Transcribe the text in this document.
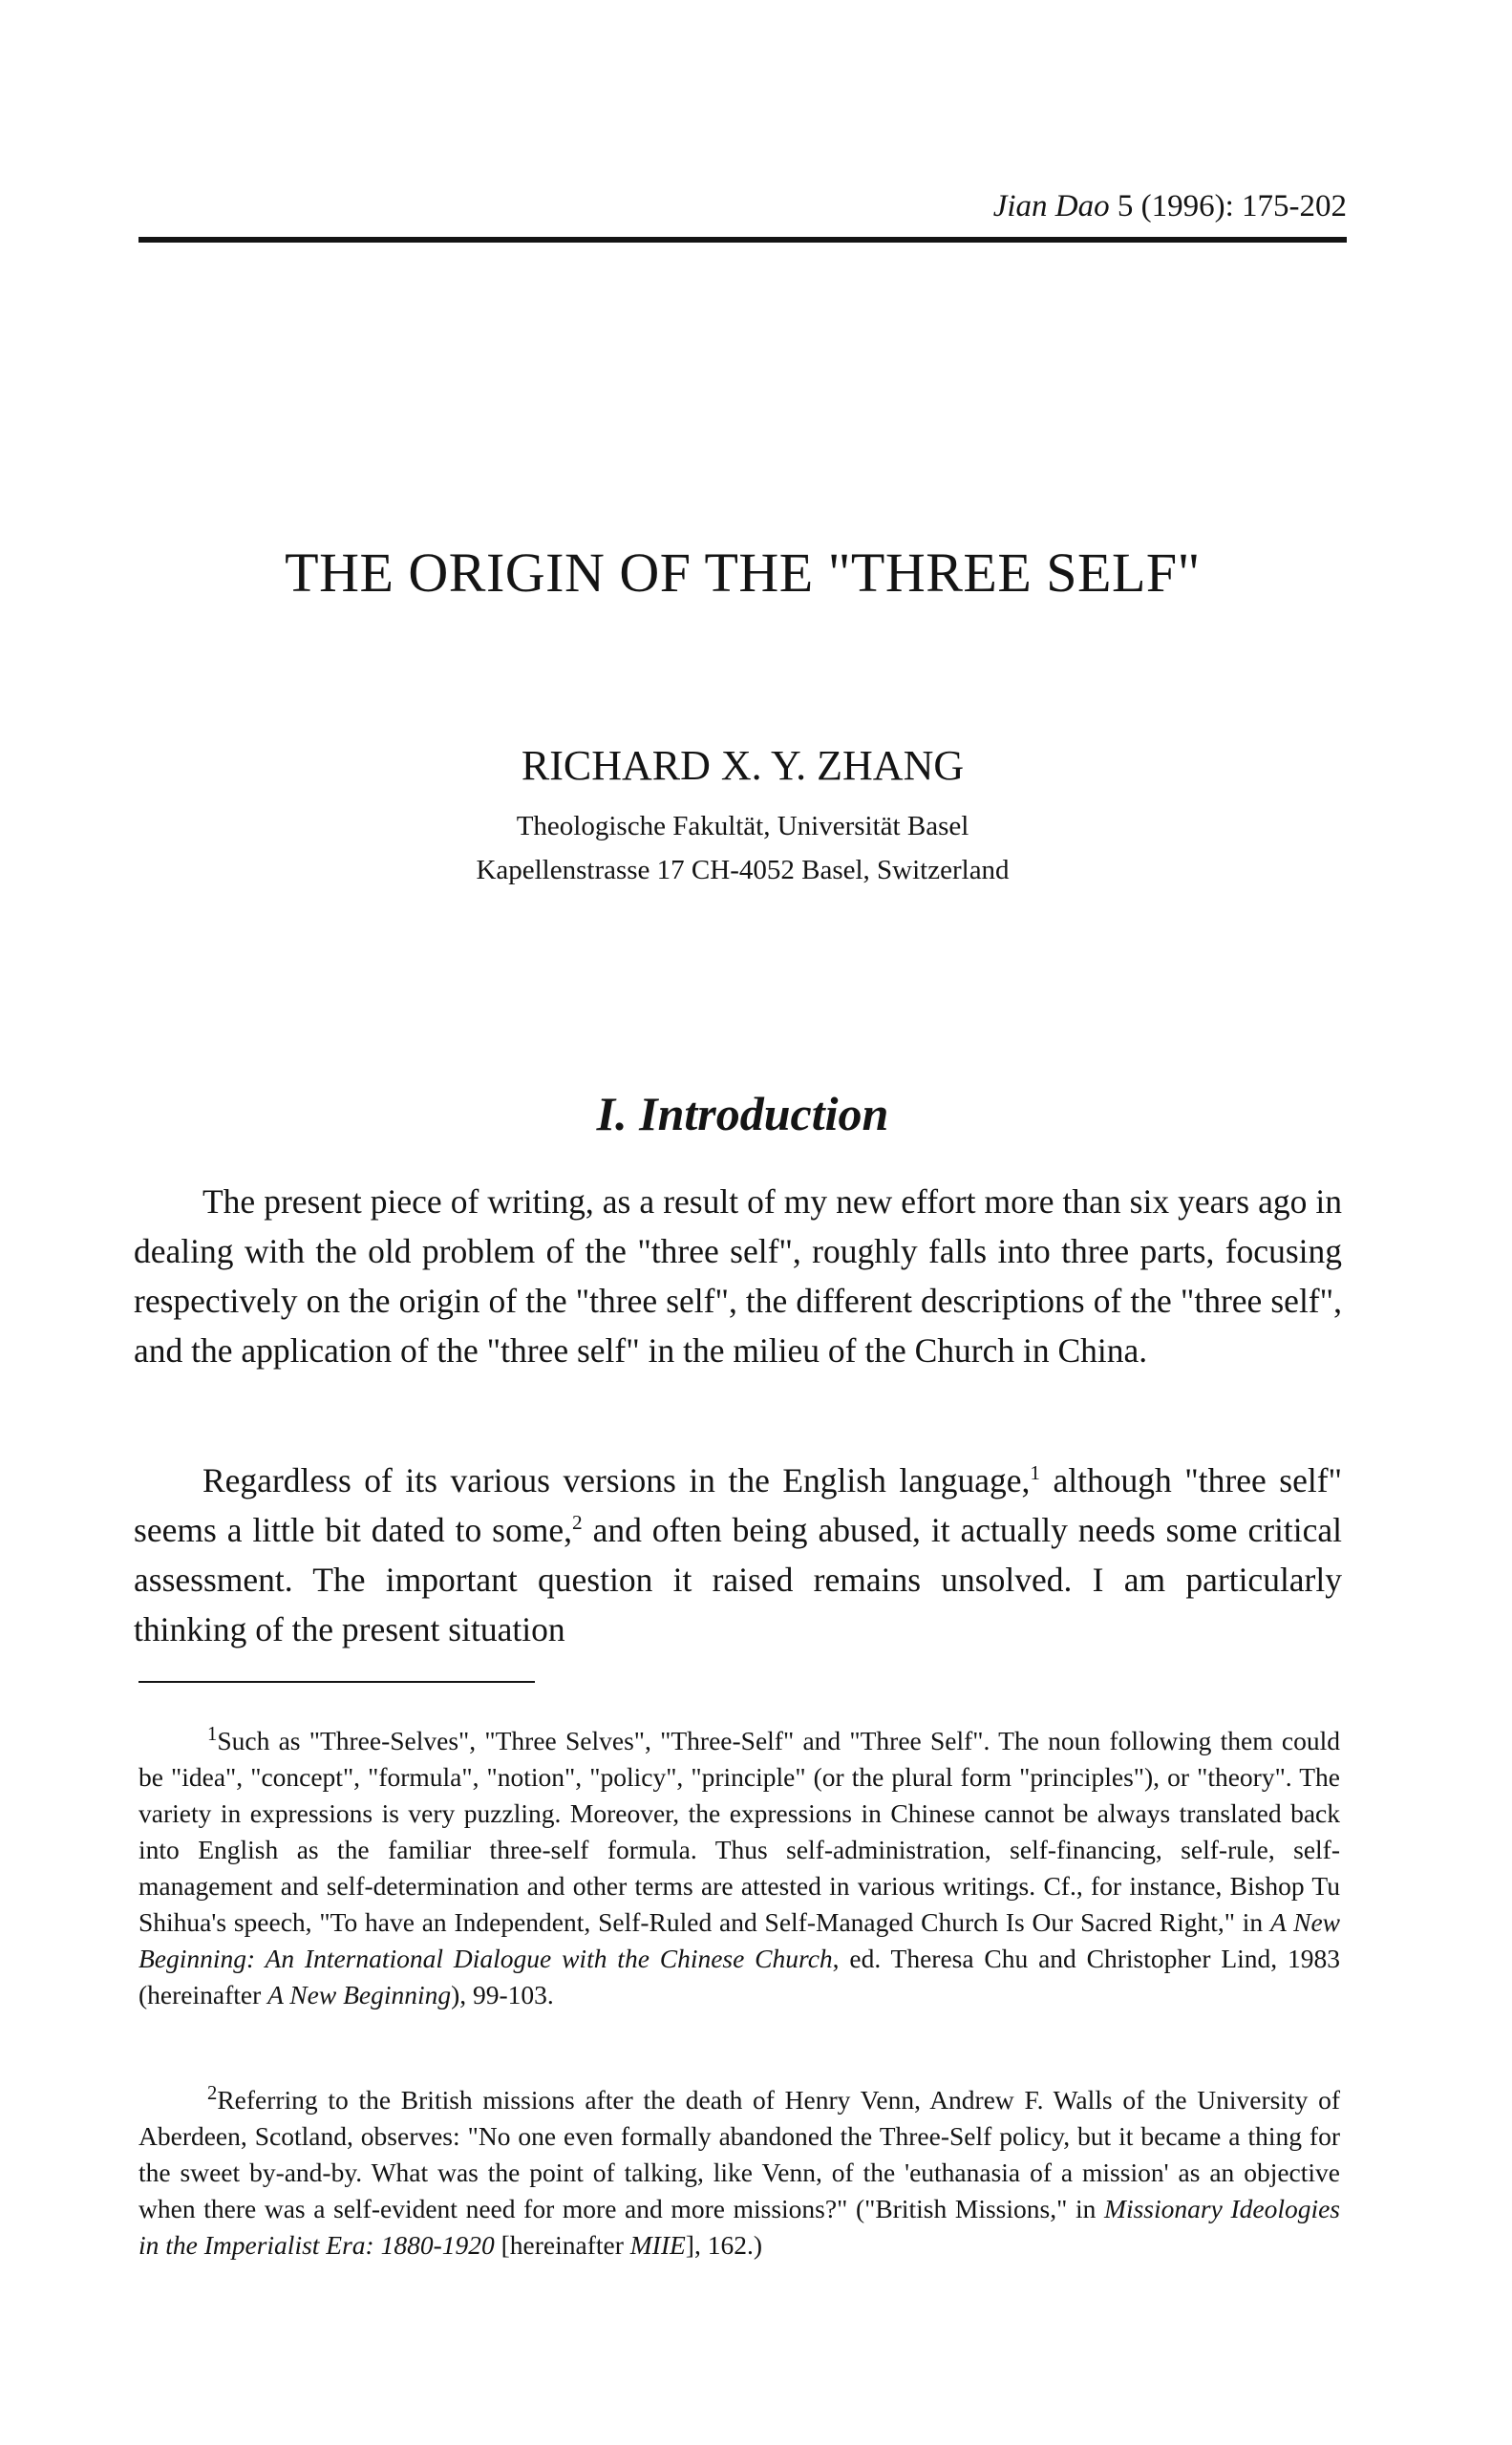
Jian Dao 5 (1996): 175-202
THE ORIGIN OF THE "THREE SELF"
RICHARD X. Y. ZHANG
Theologische Fakultät, Universität Basel
Kapellenstrasse 17 CH-4052 Basel, Switzerland
I. Introduction

The present piece of writing, as a result of my new effort more than six years ago in dealing with the old problem of the "three self", roughly falls into three parts, focusing respectively on the origin of the "three self", the different descriptions of the "three self", and the application of the "three self" in the milieu of the Church in China.

Regardless of its various versions in the English language,$^1$ although "three self" seems a little bit dated to some,$^2$ and often being abused, it actually needs some critical assessment. The important question it raised remains unsolved. I am particularly thinking of the present situation

$^1$Such as "Three-Selves", "Three Selves", "Three-Self" and "Three Self". The noun following them could be "idea", "concept", "formula", "notion", "policy", "principle" (or the plural form "principles"), or "theory". The variety in expressions is very puzzling. Moreover, the expressions in Chinese cannot be always translated back into English as the familiar three-self formula. Thus self-administration, self-financing, self-rule, self-management and self-determination and other terms are attested in various writings. Cf., for instance, Bishop Tu Shihua's speech, "To have an Independent, Self-Ruled and Self-Managed Church Is Our Sacred Right," in A New Beginning: An International Dialogue with the Chinese Church, ed. Theresa Chu and Christopher Lind, 1983 (hereinafter A New Beginning), 99-103.

$^2$Referring to the British missions after the death of Henry Venn, Andrew F. Walls of the University of Aberdeen, Scotland, observes: "No one even formally abandoned the Three-Self policy, but it became a thing for the sweet by-and-by. What was the point of talking, like Venn, of the 'euthanasia of a mission' as an objective when there was a self-evident need for more and more missions?" ("British Missions," in Missionary Ideologies in the Imperialist Era: 1880-1920 [hereinafter MIIE], 162.)
